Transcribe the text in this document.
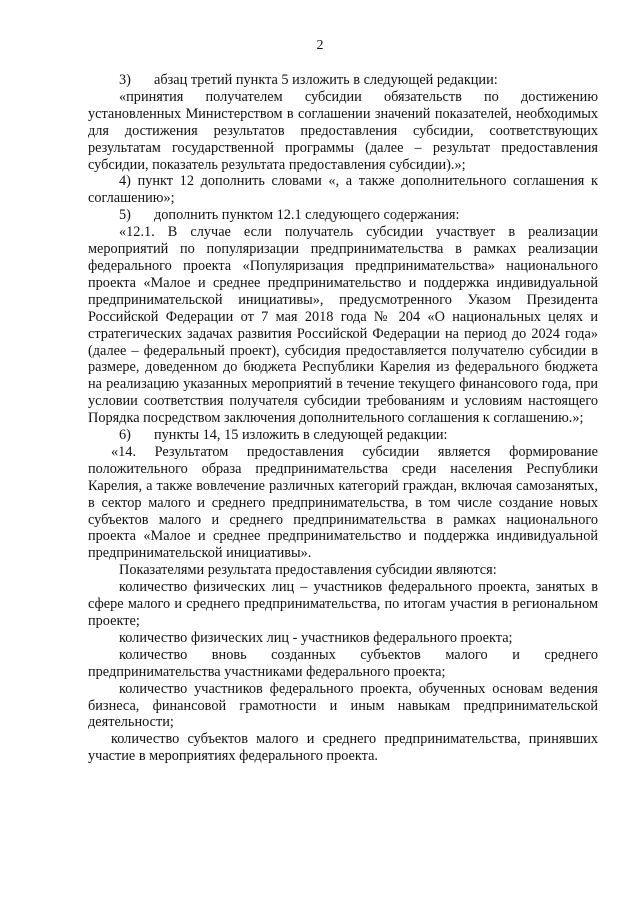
2
3)	абзац третий пункта 5 изложить в следующей редакции:

«принятия получателем субсидии обязательств по достижению установленных Министерством в соглашении значений показателей, необходимых для достижения результатов предоставления субсидии, соответствующих результатам государственной программы (далее – результат предоставления субсидии, показатель результата предоставления субсидии).»;

4) пункт 12 дополнить словами «, а также дополнительного соглашения к соглашению»;

5)	дополнить пунктом 12.1 следующего содержания:

«12.1. В случае если получатель субсидии участвует в реализации мероприятий по популяризации предпринимательства в рамках реализации федерального проекта «Популяризация предпринимательства» национального проекта «Малое и среднее предпринимательство и поддержка индивидуальной предпринимательской инициативы», предусмотренного Указом Президента Российской Федерации от 7 мая 2018 года № 204 «О национальных целях и стратегических задачах развития Российской Федерации на период до 2024 года» (далее – федеральный проект), субсидия предоставляется получателю субсидии в размере, доведенном до бюджета Республики Карелия из федерального бюджета на реализацию указанных мероприятий в течение текущего финансового года, при условии соответствия получателя субсидии требованиям и условиям настоящего Порядка посредством заключения дополнительного соглашения к соглашению.»;

6)	пункты 14, 15 изложить в следующей редакции:

«14. Результатом предоставления субсидии является формирование положительного образа предпринимательства среди населения Республики Карелия, а также вовлечение различных категорий граждан, включая самозанятых, в сектор малого и среднего предпринимательства, в том числе создание новых субъектов малого и среднего предпринимательства в рамках национального проекта «Малое и среднее предпринимательство и поддержка индивидуальной предпринимательской инициативы».

Показателями результата предоставления субсидии являются:

количество физических лиц – участников федерального проекта, занятых в сфере малого и среднего предпринимательства, по итогам участия в региональном проекте;

количество физических лиц - участников федерального проекта;

количество вновь созданных субъектов малого и среднего предпринимательства участниками федерального проекта;

количество участников федерального проекта, обученных основам ведения бизнеса, финансовой грамотности и иным навыкам предпринимательской деятельности;

количество субъектов малого и среднего предпринимательства, принявших участие в мероприятиях федерального проекта.
